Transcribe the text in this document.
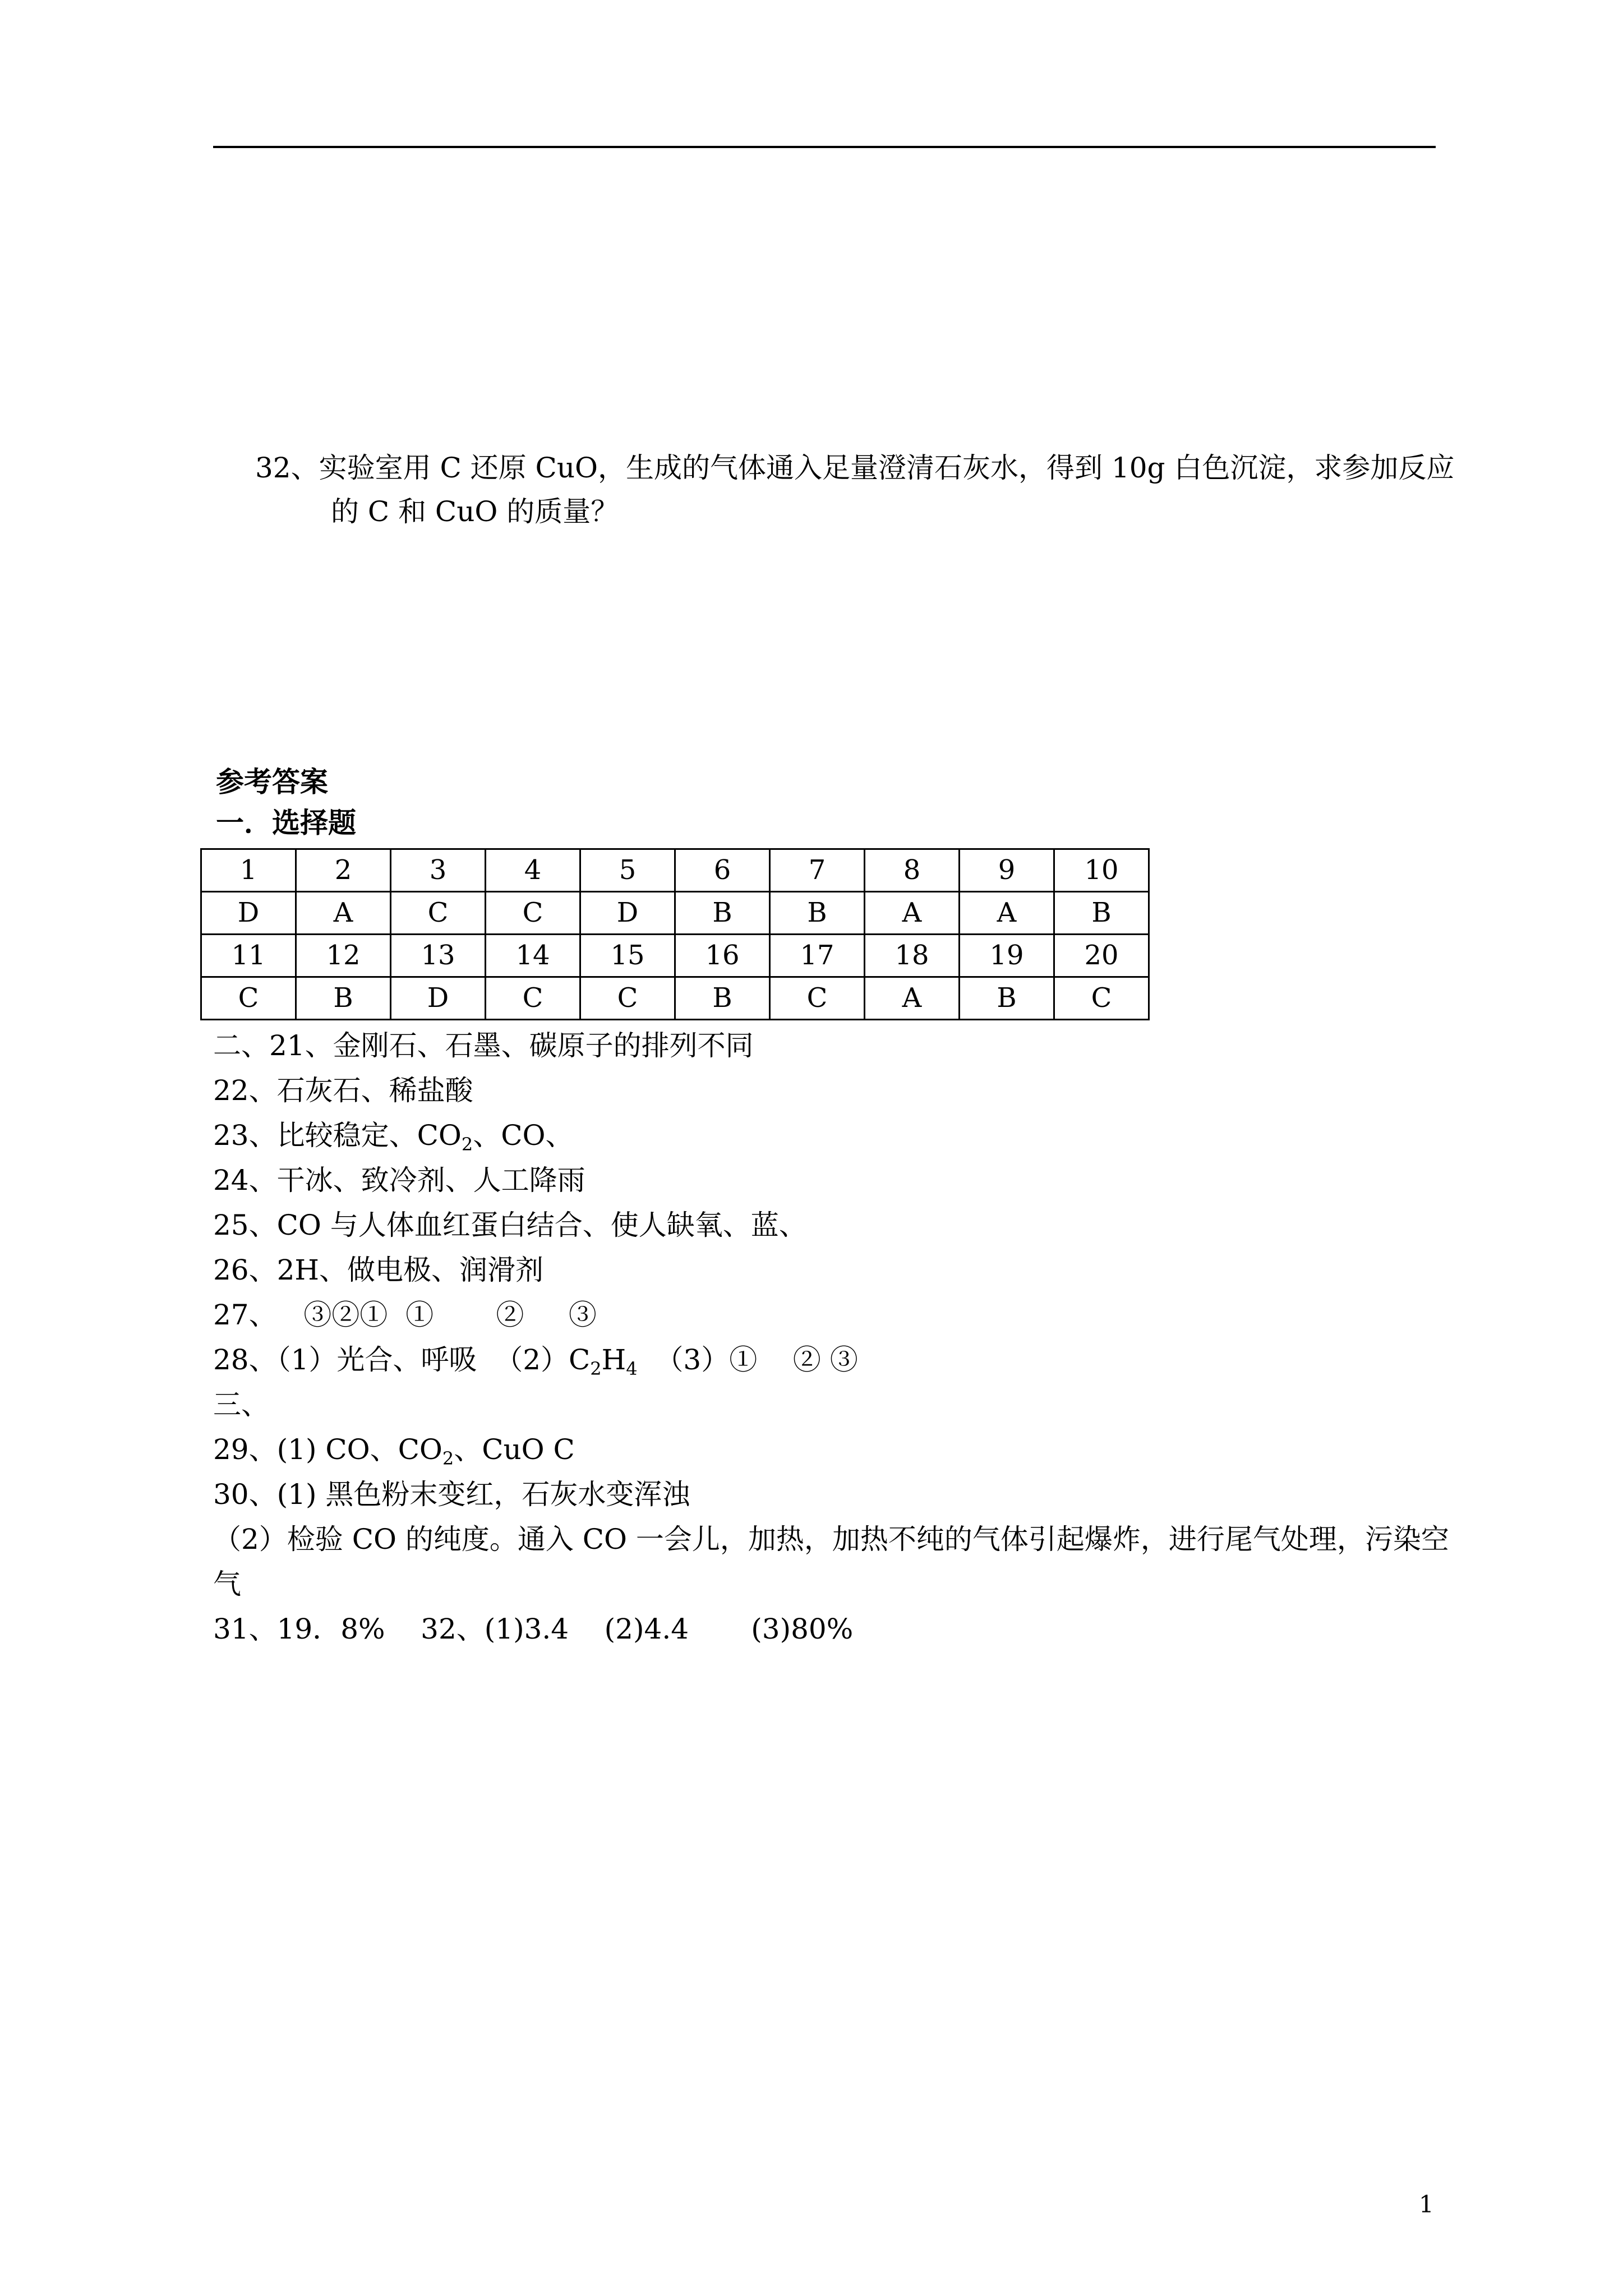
32、实验室用 C 还原 CuO，生成的气体通入足量澄清石灰水，得到 10g 白色沉淀，求参加反应
的 C 和 CuO 的质量？
参考答案
一．选择题
1	2	3	4	5	6	7	8	9	10
D	A	C	C	D	B	B	A	A	B
11	12	13	14	15	16	17	18	19	20
C	B	D	C	C	B	C	A	B	C
二、21、金刚石、石墨、碳原子的排列不同
22、石灰石、稀盐酸
23、比较稳定、$CO_2$、CO、
24、干冰、致冷剂、人工降雨
25、CO 与人体血红蛋白结合、使人缺氧、蓝、
26、2H、做电极、润滑剂
27、   ③②①  ①       ②     ③
28、（1）光合、呼吸  $(2)C_2H_4$  （3）①    ② ③
三、
29、(1) CO、$CO_2$、CuO C
30、(1) 黑色粉末变红，石灰水变浑浊
（2）检验 CO 的纯度。通入 CO 一会儿，加热，加热不纯的气体引起爆炸，进行尾气处理，污染空
气
31、19．8%    32、(1)3.4    (2)4.4       (3)80%
1
